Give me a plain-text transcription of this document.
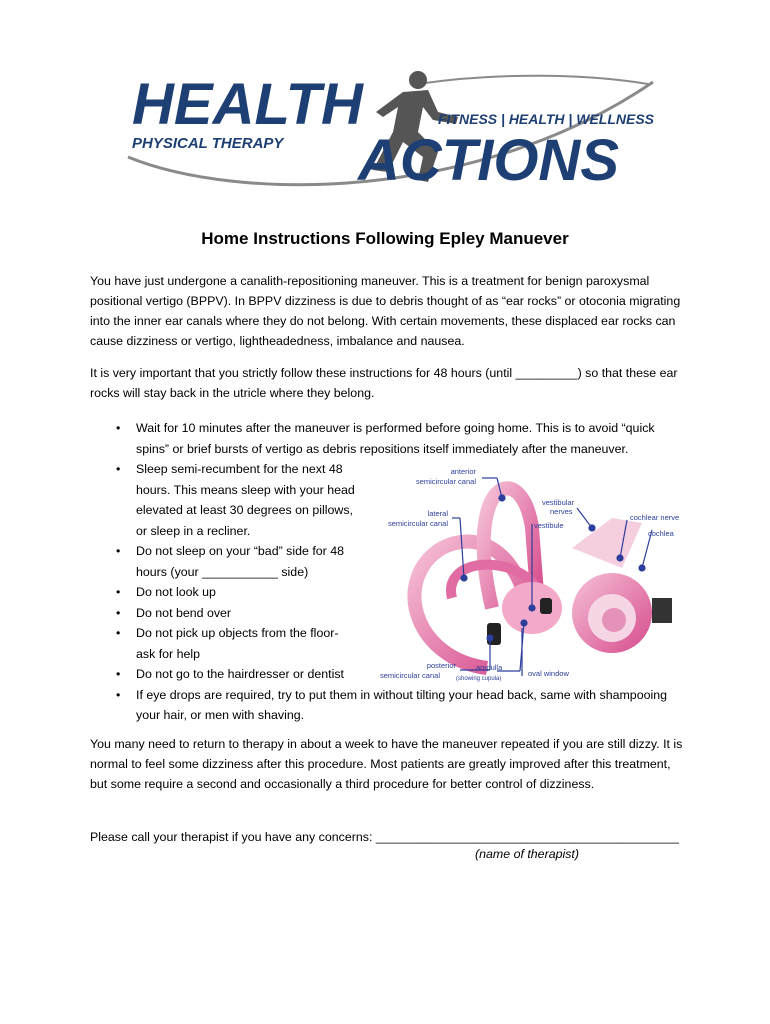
HEALTH
PHYSICAL THERAPY
FITNESS | HEALTH | WELLNESS
ACTIONS
Home Instructions Following Epley Manuever
You have just undergone a canalith-repositioning maneuver. This is a treatment for benign paroxysmal positional vertigo (BPPV). In BPPV dizziness is due to debris thought of as “ear rocks” or otoconia migrating into the inner ear canals where they do not belong. With certain movements, these displaced ear rocks can cause dizziness or vertigo, lightheadedness, imbalance and nausea.
It is very important that you strictly follow these instructions for 48 hours (until _________) so that these ear rocks will stay back in the utricle where they belong.
• Wait for 10 minutes after the maneuver is performed before going home. This is to avoid “quick spins” or brief bursts of vertigo as debris repositions itself immediately after the maneuver.
• Sleep semi-recumbent for the next 48 hours. This means sleep with your head elevated at least 30 degrees on pillows, or sleep in a recliner.
• Do not sleep on your “bad” side for 48 hours (your ___________ side)
• Do not look up
• Do not bend over
• Do not pick up objects from the floor- ask for help
• Do not go to the hairdresser or dentist
• If eye drops are required, try to put them in without tilting your head back, same with shampooing your hair, or men with shaving.
anterior
semicircular canal
lateral
semicircular canal
posterior
semicircular canal
vestibular
nerves
vestibule
cochlear nerve
cochlea
ampulla
(showing cupula)
oval window
You many need to return to therapy in about a week to have the maneuver repeated if you are still dizzy. It is normal to feel some dizziness after this procedure. Most patients are greatly improved after this treatment, but some require a second and occasionally a third procedure for better control of dizziness.
Please call your therapist if you have any concerns: ____________________________________________
(name of therapist)
